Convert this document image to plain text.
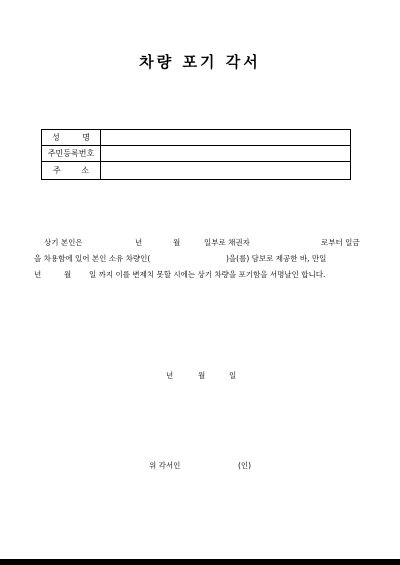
차량 포기 각서
성 명	

주민등록번호	

주 소	

상기 본인은	년	월	일부로 채권자	로부터 일금
을 차용함에 있어 본인 소유 차량인(	)을(를) 담보로 제공한 바, 만일
년	월 일 까지 이를 변제치 못할 시에는 상기 차량을 포기함을 서명날인 합니다.
년	월	일
위 각서인	(인)
